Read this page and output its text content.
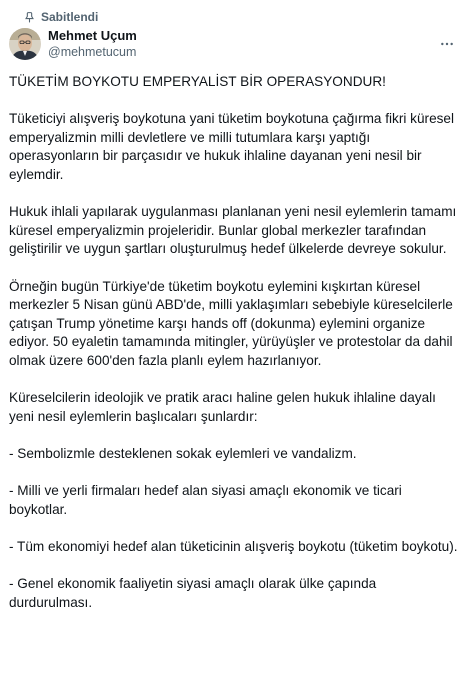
Sabitlendi
Mehmet Uçum
@mehmetucum

TÜKETİM BOYKOTU EMPERYALİST BİR OPERASYONDUR!

Tüketiciyi alışveriş boykotuna yani tüketim boykotuna çağırma fikri küresel emperyalizmin milli devletlere ve milli tutumlara karşı yaptığı operasyonların bir parçasıdır ve hukuk ihlaline dayanan yeni nesil bir eylemdir.

Hukuk ihlali yapılarak uygulanması planlanan yeni nesil eylemlerin tamamı küresel emperyalizmin projeleridir. Bunlar global merkezler tarafından geliştirilir ve uygun şartları oluşturulmuş hedef ülkelerde devreye sokulur.

Örneğin bugün Türkiye'de tüketim boykotu eylemini kışkırtan küresel merkezler 5 Nisan günü ABD'de, milli yaklaşımları sebebiyle küreselcilerle çatışan Trump yönetime karşı hands off (dokunma) eylemini organize ediyor. 50 eyaletin tamamında mitingler, yürüyüşler ve protestolar da dahil olmak üzere 600'den fazla planlı eylem hazırlanıyor.

Küreselcilerin ideolojik ve pratik aracı haline gelen hukuk ihlaline dayalı yeni nesil eylemlerin başlıcaları şunlardır:

- Sembolizmle desteklenen sokak eylemleri ve vandalizm.

- Milli ve yerli firmaları hedef alan siyasi amaçlı ekonomik ve ticari boykotlar.

- Tüm ekonomiyi hedef alan tüketicinin alışveriş boykotu (tüketim boykotu).

- Genel ekonomik faaliyetin siyasi amaçlı olarak ülke çapında durdurulması.
